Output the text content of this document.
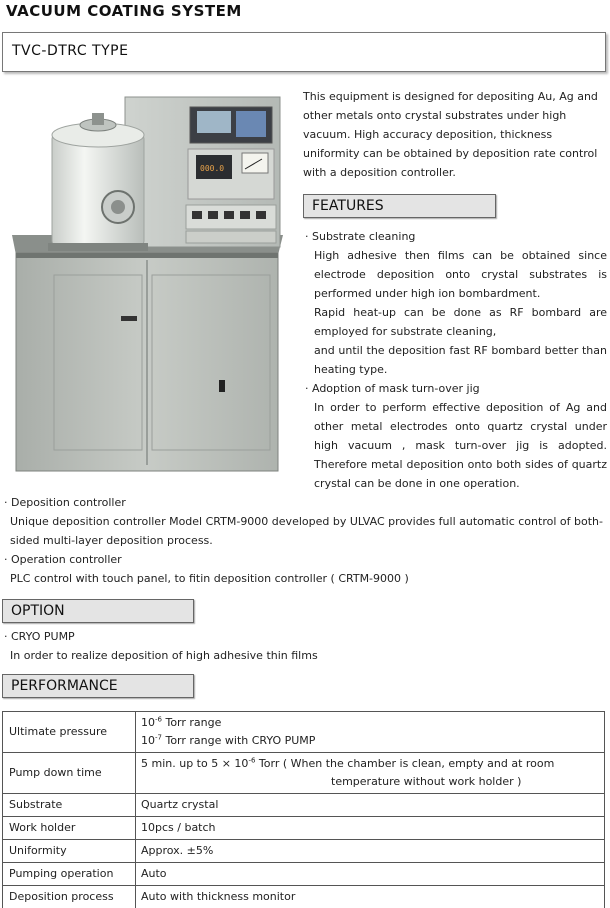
VACUUM COATING SYSTEM
TVC-DTRC TYPE
000.0
This equipment is designed for depositing Au, Ag and other metals onto crystal substrates under high vacuum. High accuracy deposition, thickness uniformity can be obtained by deposition rate control with a deposition controller.
FEATURES
· Substrate cleaning
High adhesive then films can be obtained since electrode deposition onto crystal substrates is performed under high ion bombardment.
Rapid heat-up can be done as RF bombard are employed for substrate cleaning,
and until the deposition fast RF bombard better than heating type.
· Adoption of mask turn-over jig
In order to perform effective deposition of Ag and other metal electrodes onto quartz crystal under high vacuum , mask turn-over jig is adopted. Therefore metal deposition onto both sides of quartz crystal can be done in one operation.
· Deposition controller
Unique deposition controller Model CRTM-9000 developed by ULVAC provides full automatic control of both-sided multi-layer deposition process.
· Operation controller
PLC control with touch panel, to fitin deposition controller ( CRTM-9000 )
OPTION
· CRYO PUMP
In order to realize deposition of high adhesive thin films
PERFORMANCE
Ultimate pressure	$10^{-6}$ Torr range
$10^{-7}$ Torr range with CRYO PUMP

Pump down time	5 min. up to $5 \times 10^{-6}$ Torr ( When the chamber is clean, empty and at room
temperature without work holder )

Substrate	Quartz crystal
Work holder	10pcs / batch
Uniformity	Approx. ±5%
Pumping operation	Auto
Deposition process	Auto with thickness monitor
